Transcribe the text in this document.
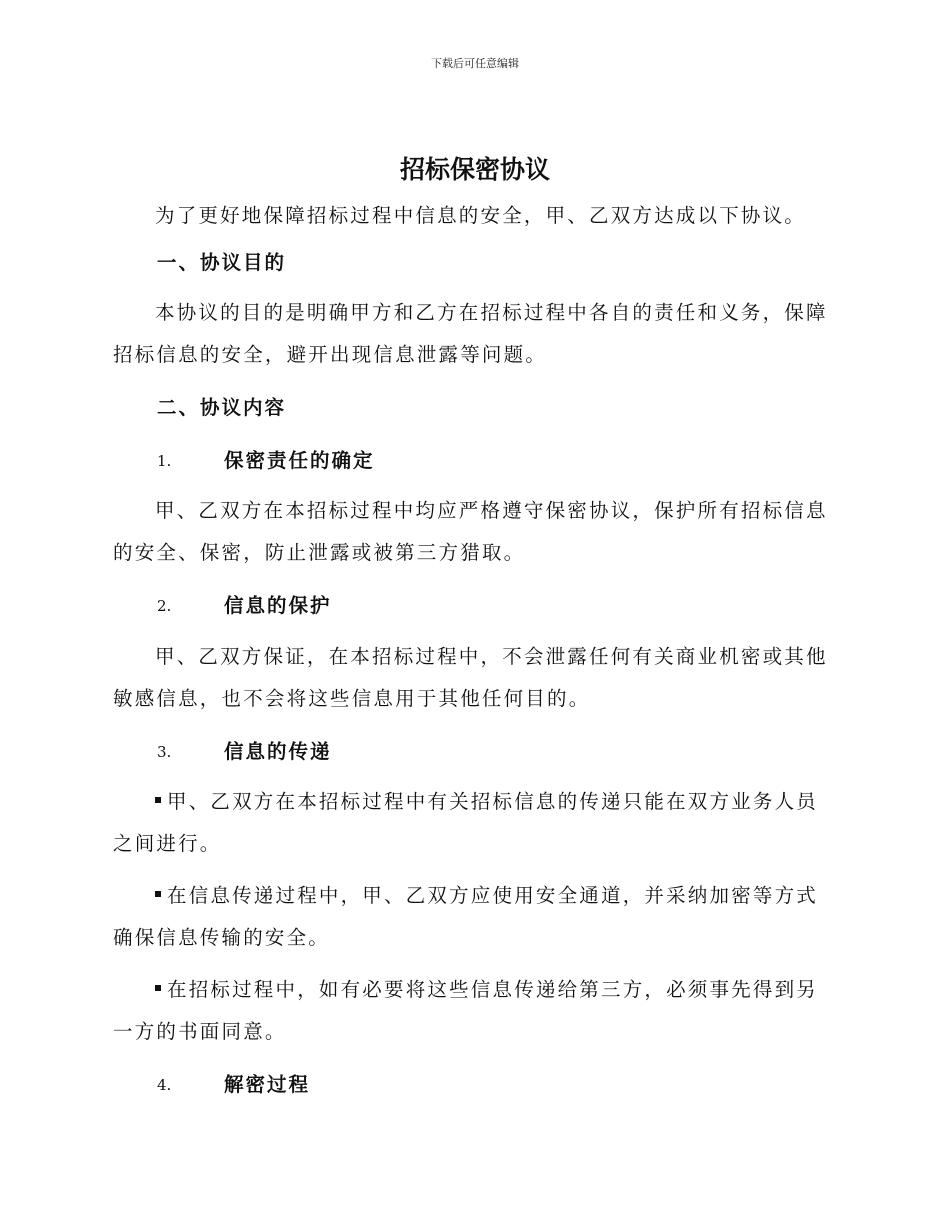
下载后可任意编辑
招标保密协议

为了更好地保障招标过程中信息的安全，甲、乙双方达成以下协议。

一、协议目的

本协议的目的是明确甲方和乙方在招标过程中各自的责任和义务，保障招标信息的安全，避开出现信息泄露等问题。

二、协议内容
1.	保密责任的确定

甲、乙双方在本招标过程中均应严格遵守保密协议，保护所有招标信息的安全、保密，防止泄露或被第三方猎取。

2.	信息的保护

甲、乙双方保证，在本招标过程中，不会泄露任何有关商业机密或其他敏感信息，也不会将这些信息用于其他任何目的。

3.	信息的传递

甲、乙双方在本招标过程中有关招标信息的传递只能在双方业务人员之间进行。

在信息传递过程中，甲、乙双方应使用安全通道，并采纳加密等方式确保信息传输的安全。

在招标过程中，如有必要将这些信息传递给第三方，必须事先得到另一方的书面同意。

4.	解密过程
